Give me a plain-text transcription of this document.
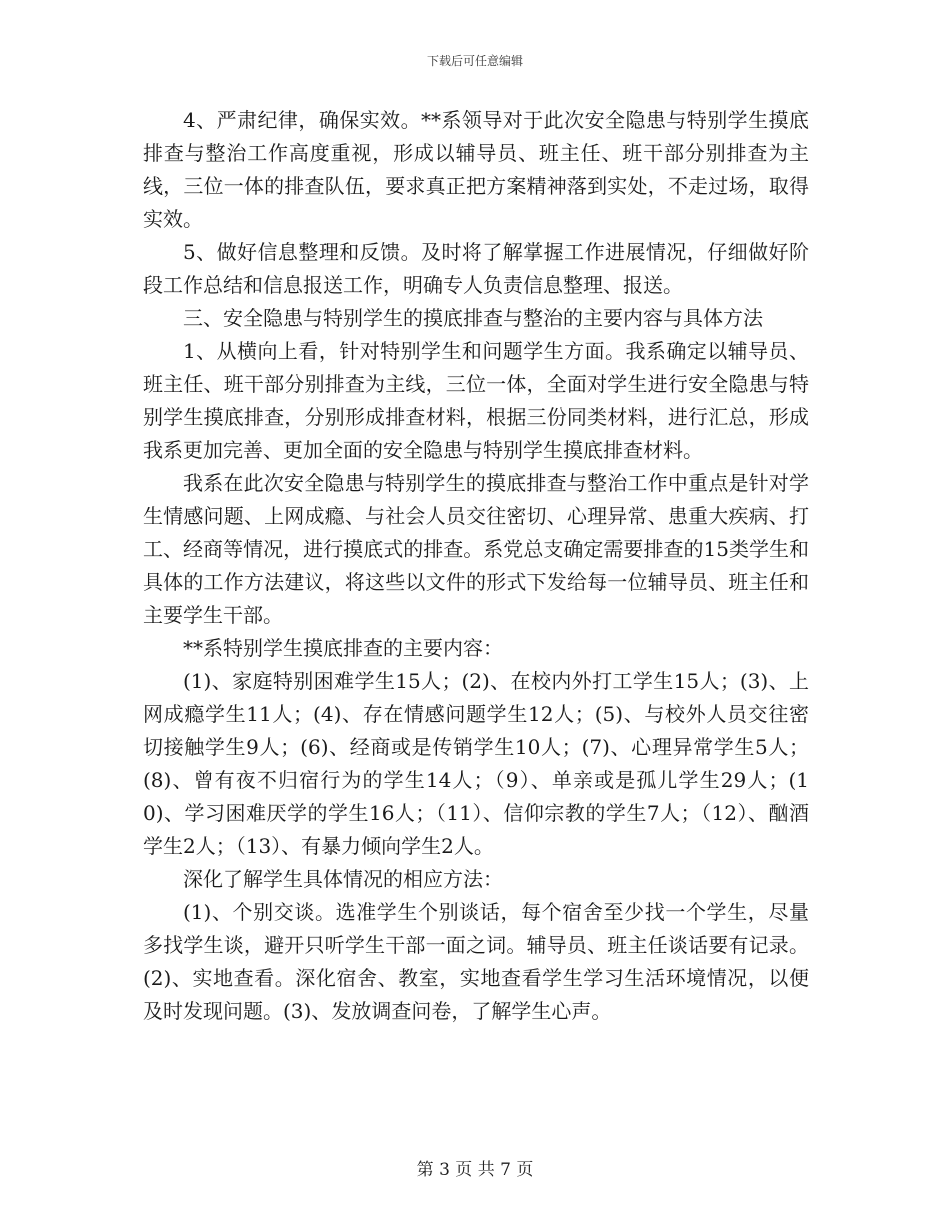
下载后可任意编辑

4、严肃纪律，确保实效。**系领导对于此次安全隐患与特别学生摸底排查与整治工作高度重视，形成以辅导员、班主任、班干部分别排查为主线，三位一体的排查队伍，要求真正把方案精神落到实处，不走过场，取得实效。

5、做好信息整理和反馈。及时将了解掌握工作进展情况，仔细做好阶段工作总结和信息报送工作，明确专人负责信息整理、报送。

三、安全隐患与特别学生的摸底排查与整治的主要内容与具体方法

1、从横向上看，针对特别学生和问题学生方面。我系确定以辅导员、班主任、班干部分别排查为主线，三位一体，全面对学生进行安全隐患与特别学生摸底排查，分别形成排查材料，根据三份同类材料，进行汇总，形成我系更加完善、更加全面的安全隐患与特别学生摸底排查材料。

我系在此次安全隐患与特别学生的摸底排查与整治工作中重点是针对学生情感问题、上网成瘾、与社会人员交往密切、心理异常、患重大疾病、打工、经商等情况，进行摸底式的排查。系党总支确定需要排查的15类学生和具体的工作方法建议，将这些以文件的形式下发给每一位辅导员、班主任和主要学生干部。

**系特别学生摸底排查的主要内容：

(1)、家庭特别困难学生15人；(2)、在校内外打工学生15人；(3)、上网成瘾学生11人；(4)、存在情感问题学生12人；(5)、与校外人员交往密切接触学生9人；(6)、经商或是传销学生10人；(7)、心理异常学生5人；(8)、曾有夜不归宿行为的学生14人；（9）、单亲或是孤儿学生29人；(10)、学习困难厌学的学生16人；（11）、信仰宗教的学生7人；（12）、酗酒学生2人；（13）、有暴力倾向学生2人。

深化了解学生具体情况的相应方法：

(1)、个别交谈。选准学生个别谈话，每个宿舍至少找一个学生，尽量多找学生谈，避开只听学生干部一面之词。辅导员、班主任谈话要有记录。(2)、实地查看。深化宿舍、教室，实地查看学生学习生活环境情况，以便及时发现问题。(3)、发放调查问卷，了解学生心声。

第 3 页 共 7 页
